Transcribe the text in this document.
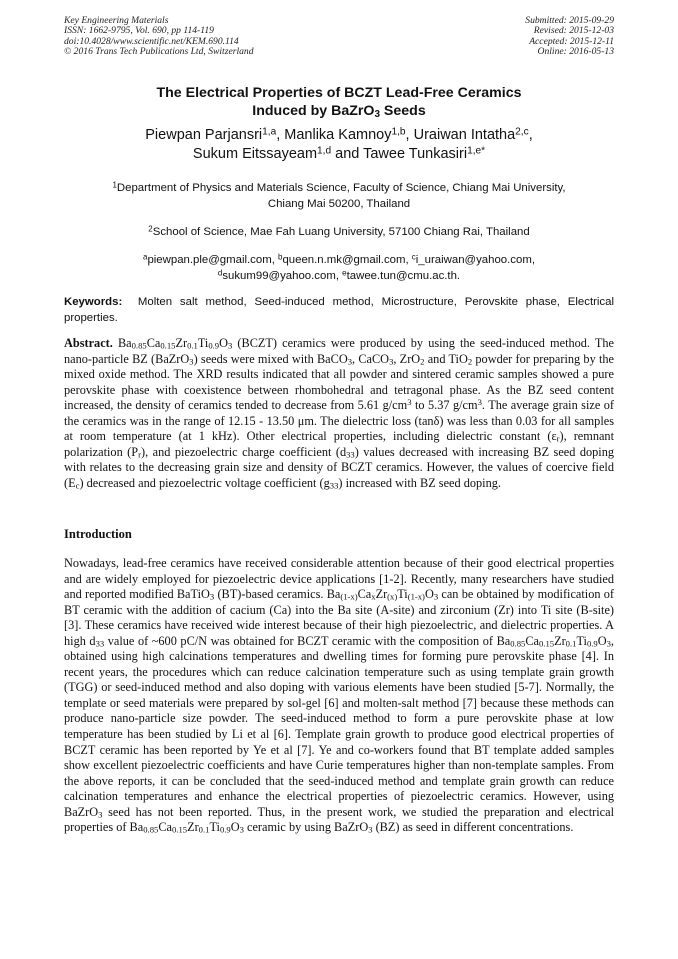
Key Engineering Materials
ISSN: 1662-9795, Vol. 690, pp 114-119
doi:10.4028/www.scientific.net/KEM.690.114
© 2016 Trans Tech Publications Ltd, Switzerland
Submitted: 2015-09-29
Revised: 2015-12-03
Accepted: 2015-12-11
Online: 2016-05-13
The Electrical Properties of BCZT Lead-Free Ceramics
Induced by BaZrO$_3$ Seeds
Piewpan Parjansri$^{1,a}$, Manlika Kamnoy$^{1,b}$, Uraiwan Intatha$^{2,c}$,
Sukum Eitssayeam$^{1,d}$ and Tawee Tunkasiri$^{1,e*}$
$^1$Department of Physics and Materials Science, Faculty of Science, Chiang Mai University,
Chiang Mai 50200, Thailand
$^2$School of Science, Mae Fah Luang University, 57100 Chiang Rai, Thailand
$^a$piewpan.ple@gmail.com, $^b$queen.n.mk@gmail.com, $^c$i_uraiwan@yahoo.com,
$^d$sukum99@yahoo.com, $^e$tawee.tun@cmu.ac.th.
Keywords:  Molten salt method, Seed-induced method, Microstructure, Perovskite phase, Electrical properties.
Abstract. $Ba_{0.85}Ca_{0.15}Zr_{0.1}Ti_{0.9}O_3$ (BCZT) ceramics were produced by using the seed-induced method. The nano-particle BZ (BaZrO$_3$) seeds were mixed with BaCO$_3$, CaCO$_3$, ZrO$_2$ and TiO$_2$ powder for preparing by the mixed oxide method. The XRD results indicated that all powder and sintered ceramic samples showed a pure perovskite phase with coexistence between rhombohedral and tetragonal phase. As the BZ seed content increased, the density of ceramics tended to decrease from 5.61 $g/cm^3$ to 5.37 $g/cm^3$. The average grain size of the ceramics was in the range of 12.15 - 13.50 μm. The dielectric loss (tanδ) was less than 0.03 for all samples at room temperature (at 1 kHz). Other electrical properties, including dielectric constant $(\varepsilon_r)$, remnant polarization $(P_r)$, and piezoelectric charge coefficient $(d_{33})$ values decreased with increasing BZ seed doping with relates to the decreasing grain size and density of BCZT ceramics. However, the values of coercive field $(E_c)$ decreased and piezoelectric voltage coefficient $(g_{33})$ increased with BZ seed doping.
Introduction
Nowadays, lead-free ceramics have received considerable attention because of their good electrical properties and are widely employed for piezoelectric device applications [1-2]. Recently, many researchers have studied and reported modified BaTiO$_3$ (BT)-based ceramics. $Ba_{(1-x)}Ca_xZr_{(x)}Ti_{(1-x)}O_3$ can be obtained by modification of BT ceramic with the addition of cacium (Ca) into the Ba site (A-site) and zirconium (Zr) into Ti site (B-site) [3]. These ceramics have received wide interest because of their high piezoelectric, and dielectric properties. A high $d_{33}$ value of ~600 pC/N was obtained for BCZT ceramic with the composition of $Ba_{0.85}Ca_{0.15}Zr_{0.1}Ti_{0.9}O_3$, obtained using high calcinations temperatures and dwelling times for forming pure perovskite phase [4]. In recent years, the procedures which can reduce calcination temperature such as using template grain growth (TGG) or seed-induced method and also doping with various elements have been studied [5-7]. Normally, the template or seed materials were prepared by sol-gel [6] and molten-salt method [7] because these methods can produce nano-particle size powder. The seed-induced method to form a pure perovskite phase at low temperature has been studied by Li et al [6]. Template grain growth to produce good electrical properties of BCZT ceramic has been reported by Ye et al [7]. Ye and co-workers found that BT template added samples show excellent piezoelectric coefficients and have Curie temperatures higher than non-template samples. From the above reports, it can be concluded that the seed-induced method and template grain growth can reduce calcination temperatures and enhance the electrical properties of piezoelectric ceramics. However, using BaZrO$_3$ seed has not been reported. Thus, in the present work, we studied the preparation and electrical properties of $Ba_{0.85}Ca_{0.15}Zr_{0.1}Ti_{0.9}O_3$ ceramic by using BaZrO$_3$ (BZ) as seed in different concentrations.
